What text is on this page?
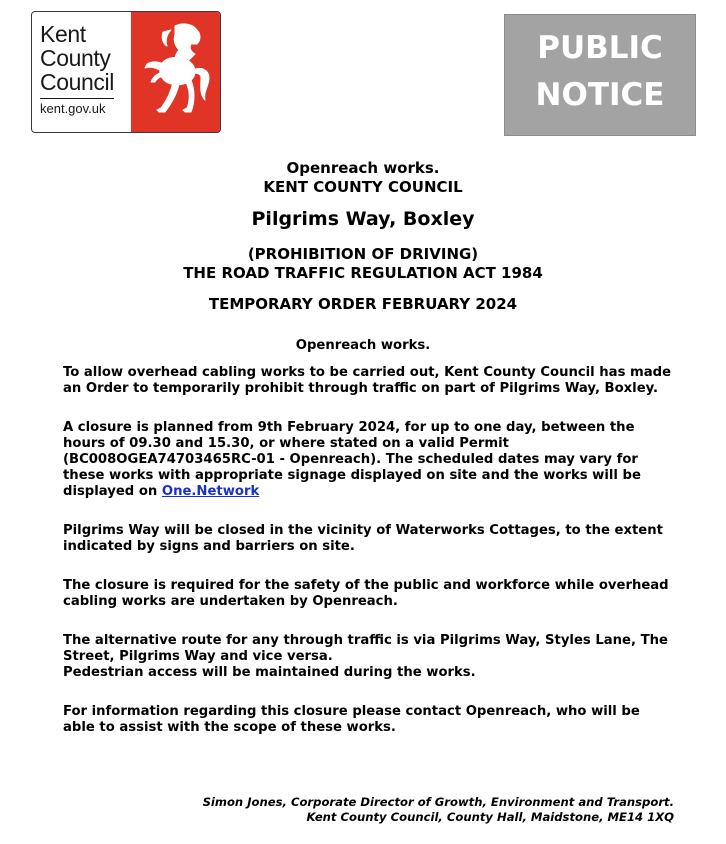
Kent
County
Council
kent.gov.uk
PUBLIC
NOTICE
Openreach works.
KENT COUNTY COUNCIL
Pilgrims Way, Boxley
(PROHIBITION OF DRIVING)
THE ROAD TRAFFIC REGULATION ACT 1984
TEMPORARY ORDER FEBRUARY 2024
Openreach works.
To allow overhead cabling works to be carried out, Kent County Council has made
an Order to temporarily prohibit through traffic on part of Pilgrims Way, Boxley.
A closure is planned from 9th February 2024, for up to one day, between the
hours of 09.30 and 15.30, or where stated on a valid Permit
(BC008OGEA74703465RC-01 - Openreach). The scheduled dates may vary for
these works with appropriate signage displayed on site and the works will be
displayed on One.Network
Pilgrims Way will be closed in the vicinity of Waterworks Cottages, to the extent
indicated by signs and barriers on site.
The closure is required for the safety of the public and workforce while overhead
cabling works are undertaken by Openreach.
The alternative route for any through traffic is via Pilgrims Way, Styles Lane, The
Street, Pilgrims Way and vice versa.
Pedestrian access will be maintained during the works.
For information regarding this closure please contact Openreach, who will be
able to assist with the scope of these works.
Simon Jones, Corporate Director of Growth, Environment and Transport.
Kent County Council, County Hall, Maidstone, ME14 1XQ
